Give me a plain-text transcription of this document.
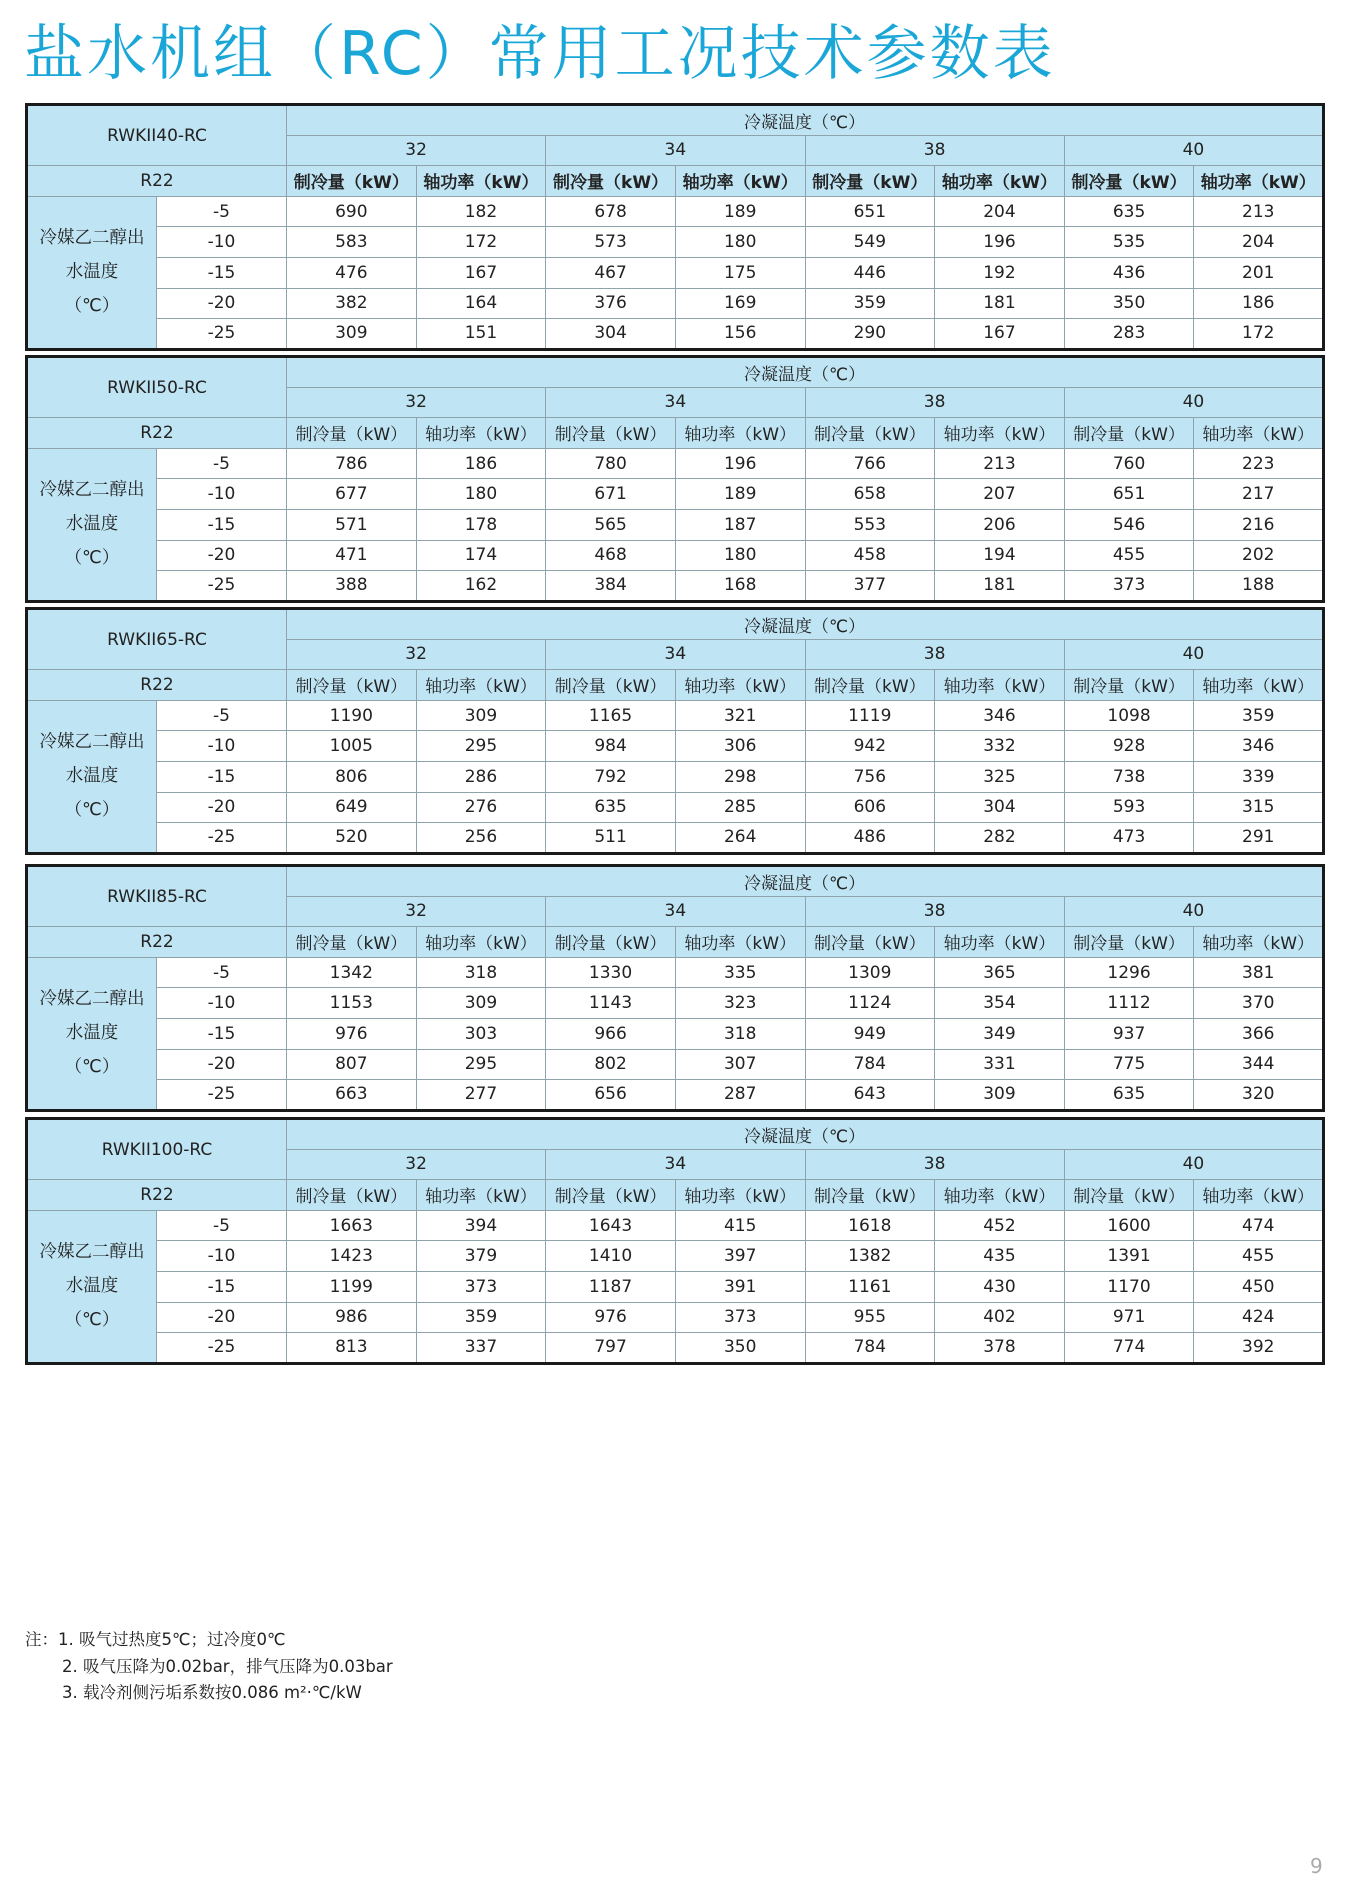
盐水机组（RC）常用工况技术参数表
RWKII40-RC		冷凝温度（℃）							
		32		34		38		40	
R22		制冷量（kW）	轴功率（kW）	制冷量（kW）	轴功率（kW）	制冷量（kW）	轴功率（kW）	制冷量（kW）	轴功率（kW）

冷媒乙二醇出
水温度
（℃）	-5	690	182	678	189	651	204	635	213
	-10	583	172	573	180	549	196	535	204
	-15	476	167	467	175	446	192	436	201
	-20	382	164	376	169	359	181	350	186
	-25	309	151	304	156	290	167	283	172
RWKII50-RC		冷凝温度（℃）							
		32		34		38		40	
R22		制冷量（kW）	轴功率（kW）	制冷量（kW）	轴功率（kW）	制冷量（kW）	轴功率（kW）	制冷量（kW）	轴功率（kW）

冷媒乙二醇出
水温度
（℃）	-5	786	186	780	196	766	213	760	223
	-10	677	180	671	189	658	207	651	217
	-15	571	178	565	187	553	206	546	216
	-20	471	174	468	180	458	194	455	202
	-25	388	162	384	168	377	181	373	188
RWKII65-RC		冷凝温度（℃）							
		32		34		38		40	
R22		制冷量（kW）	轴功率（kW）	制冷量（kW）	轴功率（kW）	制冷量（kW）	轴功率（kW）	制冷量（kW）	轴功率（kW）

冷媒乙二醇出
水温度
（℃）	-5	1190	309	1165	321	1119	346	1098	359
	-10	1005	295	984	306	942	332	928	346
	-15	806	286	792	298	756	325	738	339
	-20	649	276	635	285	606	304	593	315
	-25	520	256	511	264	486	282	473	291
RWKII85-RC		冷凝温度（℃）							
		32		34		38		40	
R22		制冷量（kW）	轴功率（kW）	制冷量（kW）	轴功率（kW）	制冷量（kW）	轴功率（kW）	制冷量（kW）	轴功率（kW）

冷媒乙二醇出
水温度
（℃）	-5	1342	318	1330	335	1309	365	1296	381
	-10	1153	309	1143	323	1124	354	1112	370
	-15	976	303	966	318	949	349	937	366
	-20	807	295	802	307	784	331	775	344
	-25	663	277	656	287	643	309	635	320
RWKII100-RC		冷凝温度（℃）							
		32		34		38		40	
R22		制冷量（kW）	轴功率（kW）	制冷量（kW）	轴功率（kW）	制冷量（kW）	轴功率（kW）	制冷量（kW）	轴功率（kW）

冷媒乙二醇出
水温度
（℃）	-5	1663	394	1643	415	1618	452	1600	474
	-10	1423	379	1410	397	1382	435	1391	455
	-15	1199	373	1187	391	1161	430	1170	450
	-20	986	359	976	373	955	402	971	424
	-25	813	337	797	350	784	378	774	392
注：1. 吸气过热度5℃；过冷度0℃
2. 吸气压降为0.02bar，排气压降为0.03bar
3. 载冷剂侧污垢系数按0.086 m²·℃/kW
9
